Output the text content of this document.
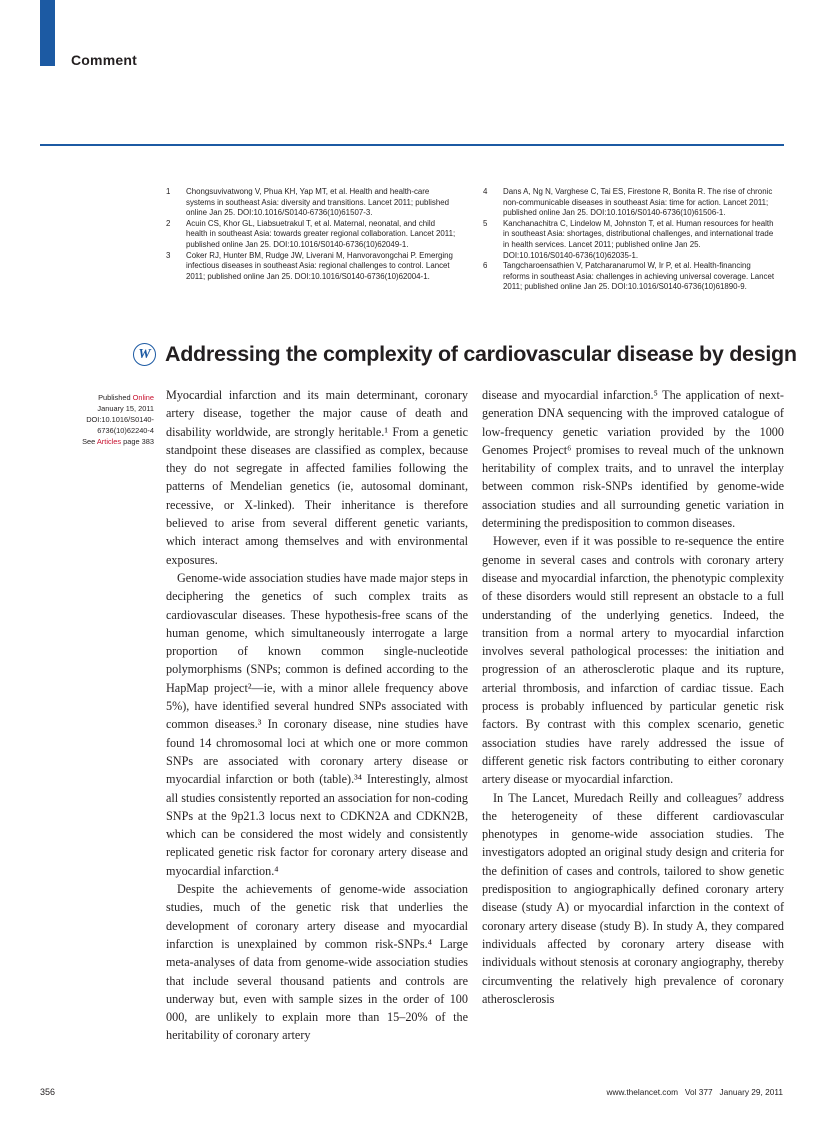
Comment
1	Chongsuvivatwong V, Phua KH, Yap MT, et al. Health and health-care systems in southeast Asia: diversity and transitions. Lancet 2011; published online Jan 25. DOI:10.1016/S0140-6736(10)61507-3.
2	Acuin CS, Khor GL, Liabsuetrakul T, et al. Maternal, neonatal, and child health in southeast Asia: towards greater regional collaboration. Lancet 2011; published online Jan 25. DOI:10.1016/S0140-6736(10)62049-1.
3	Coker RJ, Hunter BM, Rudge JW, Liverani M, Hanvoravongchai P. Emerging infectious diseases in southeast Asia: regional challenges to control. Lancet 2011; published online Jan 25. DOI:10.1016/S0140-6736(10)62004-1.
4	Dans A, Ng N, Varghese C, Tai ES, Firestone R, Bonita R. The rise of chronic non-communicable diseases in southeast Asia: time for action. Lancet 2011; published online Jan 25. DOI:10.1016/S0140-6736(10)61506-1.
5	Kanchanachitra C, Lindelow M, Johnston T, et al. Human resources for health in southeast Asia: shortages, distributional challenges, and international trade in health services. Lancet 2011; published online Jan 25. DOI:10.1016/S0140-6736(10)62035-1.
6	Tangcharoensathien V, Patcharanarumol W, Ir P, et al. Health-financing reforms in southeast Asia: challenges in achieving universal coverage. Lancet 2011; published online Jan 25. DOI:10.1016/S0140-6736(10)61890-9.
W Addressing the complexity of cardiovascular disease by design
Published Online
January 15, 2011
DOI:10.1016/S0140-
6736(10)62240-4
See Articles page 383

Myocardial infarction and its main determinant, coronary artery disease, together the major cause of death and disability worldwide, are strongly heritable.¹ From a genetic standpoint these diseases are classified as complex, because they do not segregate in affected families following the patterns of Mendelian genetics (ie, autosomal dominant, recessive, or X-linked). Their inheritance is therefore believed to arise from several different genetic variants, which interact among themselves and with environmental exposures.

Genome-wide association studies have made major steps in deciphering the genetics of such complex traits as cardiovascular diseases. These hypothesis-free scans of the human genome, which simultaneously interrogate a large proportion of known common single-nucleotide polymorphisms (SNPs; common is defined according to the HapMap project²—ie, with a minor allele frequency above 5%), have identified several hundred SNPs associated with common diseases.³ In coronary disease, nine studies have found 14 chromosomal loci at which one or more common SNPs are associated with coronary artery disease or myocardial infarction or both (table).³⁴ Interestingly, almost all studies consistently reported an association for non-coding SNPs at the 9p21.3 locus next to CDKN2A and CDKN2B, which can be considered the most widely and consistently replicated genetic risk factor for coronary artery disease and myocardial infarction.⁴

Despite the achievements of genome-wide association studies, much of the genetic risk that underlies the development of coronary artery disease and myocardial infarction is unexplained by common risk-SNPs.⁴ Large meta-analyses of data from genome-wide association studies that include several thousand patients and controls are underway but, even with sample sizes in the order of 100 000, are unlikely to explain more than 15–20% of the heritability of coronary artery

disease and myocardial infarction.⁵ The application of next-generation DNA sequencing with the improved catalogue of low-frequency genetic variation provided by the 1000 Genomes Project⁶ promises to reveal much of the unknown heritability of complex traits, and to unravel the interplay between common risk-SNPs identified by genome-wide association studies and all surrounding genetic variation in determining the predisposition to common diseases.

However, even if it was possible to re-sequence the entire genome in several cases and controls with coronary artery disease and myocardial infarction, the phenotypic complexity of these disorders would still represent an obstacle to a full understanding of the underlying genetics. Indeed, the transition from a normal artery to myocardial infarction involves several pathological processes: the initiation and progression of an atherosclerotic plaque and its rupture, arterial thrombosis, and infarction of cardiac tissue. Each process is probably influenced by particular genetic risk factors. By contrast with this complex scenario, genetic association studies have rarely addressed the issue of different genetic risk factors contributing to either coronary artery disease or myocardial infarction.

In The Lancet, Muredach Reilly and colleagues⁷ address the heterogeneity of these different cardiovascular phenotypes in genome-wide association studies. The investigators adopted an original study design and criteria for the definition of cases and controls, tailored to show genetic predisposition to angiographically defined coronary artery disease (study A) or myocardial infarction in the context of coronary artery disease (study B). In study A, they compared individuals affected by coronary artery disease with individuals without stenosis at coronary angiography, thereby circumventing the relatively high prevalence of coronary atherosclerosis

356	www.thelancet.com   Vol 377   January 29, 2011
